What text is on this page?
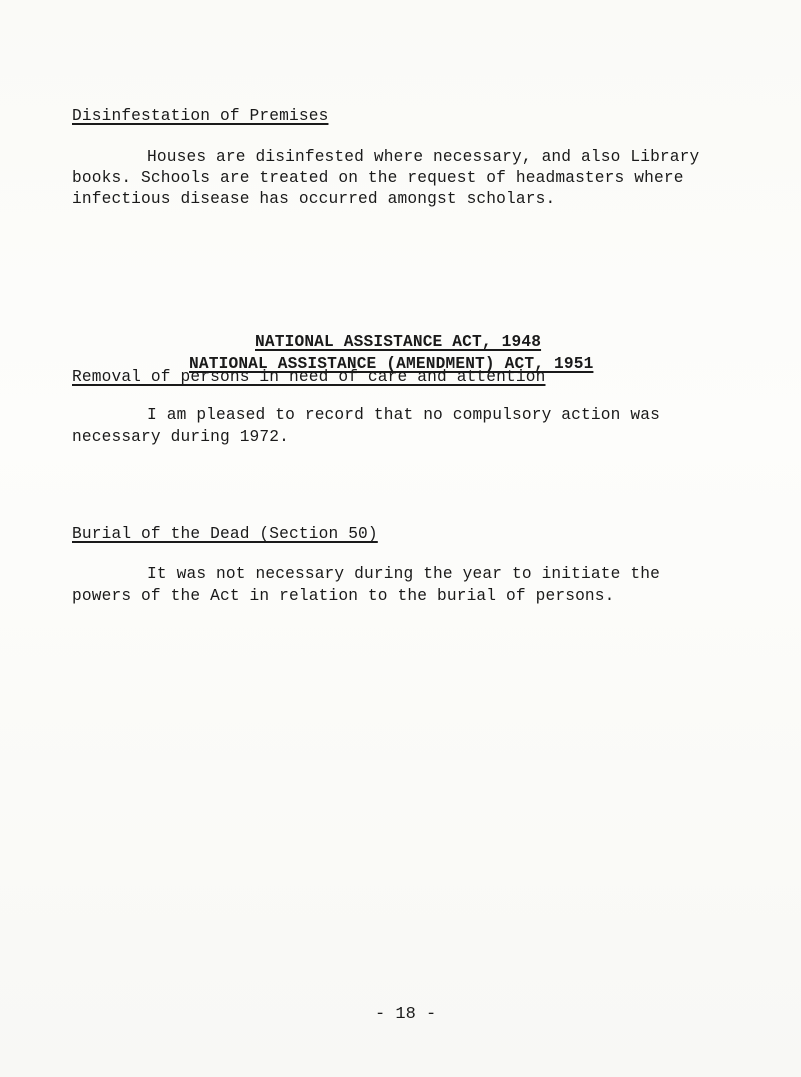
Disinfestation of Premises
Houses are disinfested where necessary, and also Library
books. Schools are treated on the request of headmasters where
infectious disease has occurred amongst scholars.
NATIONAL ASSISTANCE ACT, 1948
NATIONAL ASSISTANCE (AMENDMENT) ACT, 1951
Removal of persons in need of care and attention
I am pleased to record that no compulsory action was
necessary during 1972.
Burial of the Dead (Section 50)
It was not necessary during the year to initiate the
powers of the Act in relation to the burial of persons.
- 18 -
